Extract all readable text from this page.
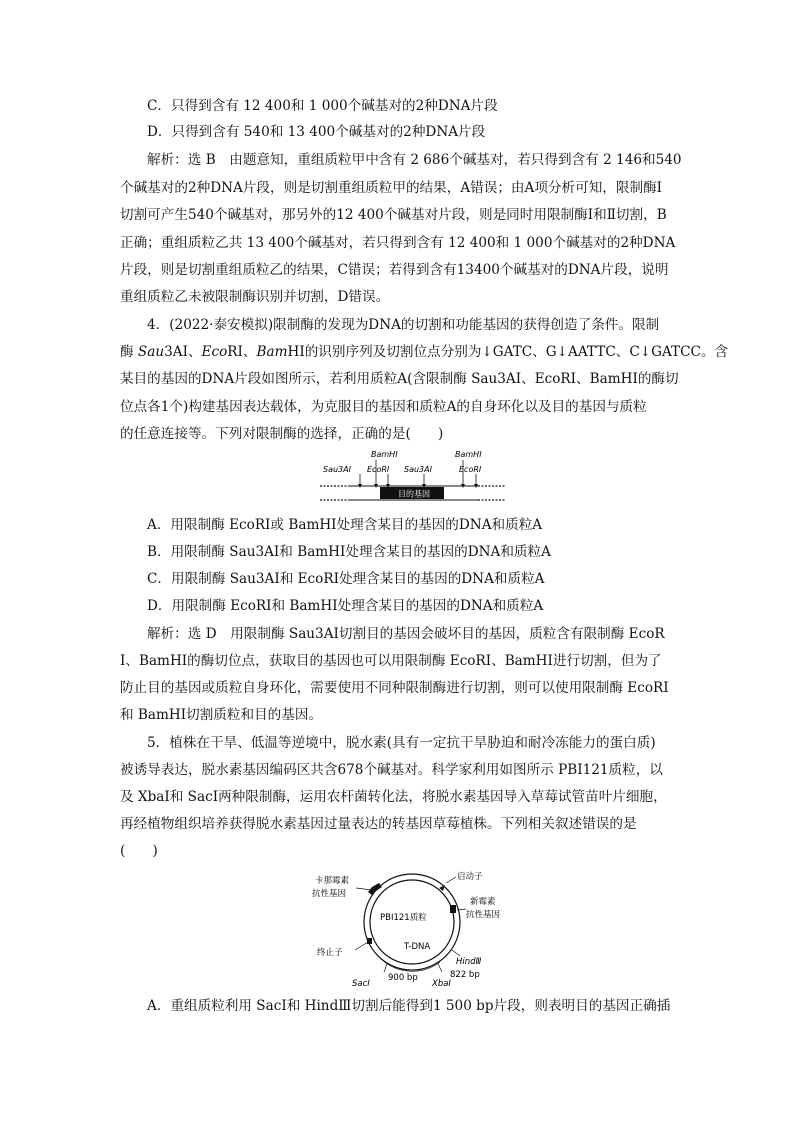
C．只得到含有 12 400和 1 000个碱基对的2种DNA片段
D．只得到含有 540和 13 400个碱基对的2种DNA片段
解析：选 B　由题意知，重组质粒甲中含有 2 686个碱基对，若只得到含有 2 146和540
个碱基对的2种DNA片段，则是切割重组质粒甲的结果，A错误；由A项分析可知，限制酶Ⅰ
切割可产生540个碱基对，那另外的12 400个碱基对片段，则是同时用限制酶Ⅰ和Ⅱ切割，B
正确；重组质粒乙共 13 400个碱基对，若只得到含有 12 400和 1 000个碱基对的2种DNA
片段，则是切割重组质粒乙的结果，C错误；若得到含有13400个碱基对的DNA片段，说明
重组质粒乙未被限制酶识别并切割，D错误。
4．(2022·泰安模拟)限制酶的发现为DNA的切割和功能基因的获得创造了条件。限制
酶 Sau3AⅠ、EcoRⅠ、BamHⅠ的识别序列及切割位点分别为↓GATC、G↓AATTC、C↓GATCC。含
某目的基因的DNA片段如图所示，若利用质粒A(含限制酶 Sau3AⅠ、EcoRⅠ、BamHⅠ的酶切
位点各1个)构建基因表达载体，为克服目的基因和质粒A的自身环化以及目的基因与质粒
的任意连接等。下列对限制酶的选择，正确的是(　　)
BamHⅠ	BamHⅠ
Sau3AⅠ EcoRⅠ Sau3AⅠ	EcoRⅠ
目的基因
A．用限制酶 EcoRⅠ或 BamHⅠ处理含某目的基因的DNA和质粒A
B．用限制酶 Sau3AⅠ和 BamHⅠ处理含某目的基因的DNA和质粒A
C．用限制酶 Sau3AⅠ和 EcoRⅠ处理含某目的基因的DNA和质粒A
D．用限制酶 EcoRⅠ和 BamHⅠ处理含某目的基因的DNA和质粒A
解析：选 D　用限制酶 Sau3AⅠ切割目的基因会破坏目的基因，质粒含有限制酶 EcoR
Ⅰ、BamHⅠ的酶切位点，获取目的基因也可以用限制酶 EcoRⅠ、BamHⅠ进行切割，但为了
防止目的基因或质粒自身环化，需要使用不同种限制酶进行切割，则可以使用限制酶 EcoRⅠ
和 BamHⅠ切割质粒和目的基因。
5．植株在干旱、低温等逆境中，脱水素(具有一定抗干旱胁迫和耐冷冻能力的蛋白质)
被诱导表达，脱水素基因编码区共含678个碱基对。科学家利用如图所示 PBⅠ121质粒，以
及 XbaⅠ和 SacⅠ两种限制酶，运用农杆菌转化法，将脱水素基因导入草莓试管苗叶片细胞，
再经植物组织培养获得脱水素基因过量表达的转基因草莓植株。下列相关叙述错误的是
(　　)
卡那霉素
抗性基因
启动子
新霉素
抗性基因
PBⅠ121质粒
T-DNA
终止子
HindⅢ
822 bp
SacⅠ
900 bp
XbaⅠ
A．重组质粒利用 SacⅠ和 HindⅢ切割后能得到1 500 bp片段，则表明目的基因正确插
